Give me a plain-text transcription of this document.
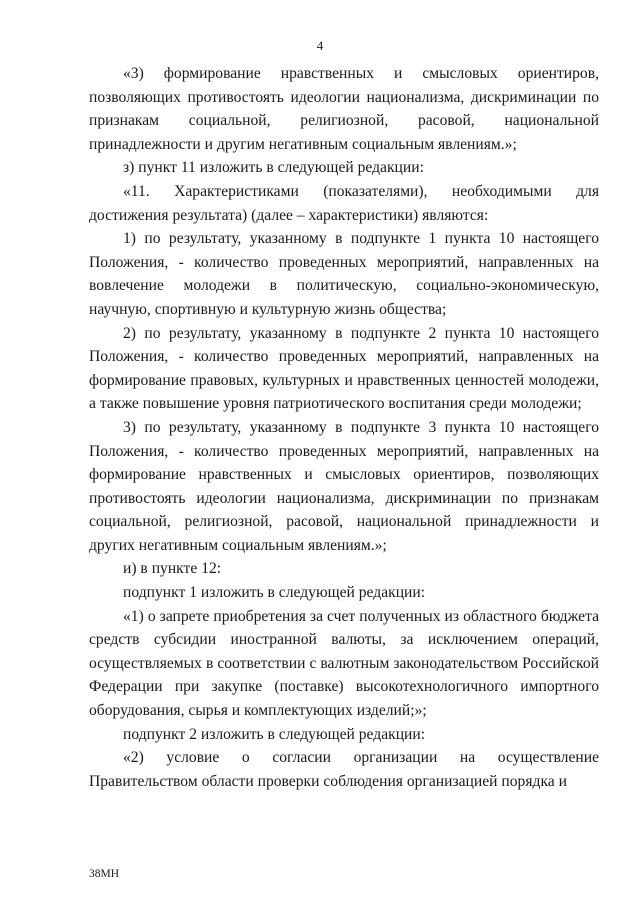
4

«3) формирование нравственных и смысловых ориентиров, позволяющих противостоять идеологии национализма, дискриминации по признакам социальной, религиозной, расовой, национальной принадлежности и другим негативным социальным явлениям.»;

з) пункт 11 изложить в следующей редакции:

«11. Характеристиками (показателями), необходимыми для достижения результата) (далее – характеристики) являются:

1) по результату, указанному в подпункте 1 пункта 10 настоящего Положения, - количество проведенных мероприятий, направленных на вовлечение молодежи в политическую, социально-экономическую, научную, спортивную и культурную жизнь общества;

2) по результату, указанному в подпункте 2 пункта 10 настоящего Положения, - количество проведенных мероприятий, направленных на формирование правовых, культурных и нравственных ценностей молодежи, а также повышение уровня патриотического воспитания среди молодежи;

3) по результату, указанному в подпункте 3 пункта 10 настоящего Положения, - количество проведенных мероприятий, направленных на формирование нравственных и смысловых ориентиров, позволяющих противостоять идеологии национализма, дискриминации по признакам социальной, религиозной, расовой, национальной принадлежности и других негативным социальным явлениям.»;

и) в пункте 12:

подпункт 1 изложить в следующей редакции:

«1) о запрете приобретения за счет полученных из областного бюджета средств субсидии иностранной валюты, за исключением операций, осуществляемых в соответствии с валютным законодательством Российской Федерации при закупке (поставке) высокотехнологичного импортного оборудования, сырья и комплектующих изделий;»;

подпункт 2 изложить в следующей редакции:

«2) условие о согласии организации на осуществление Правительством области проверки соблюдения организацией порядка и

38МН
